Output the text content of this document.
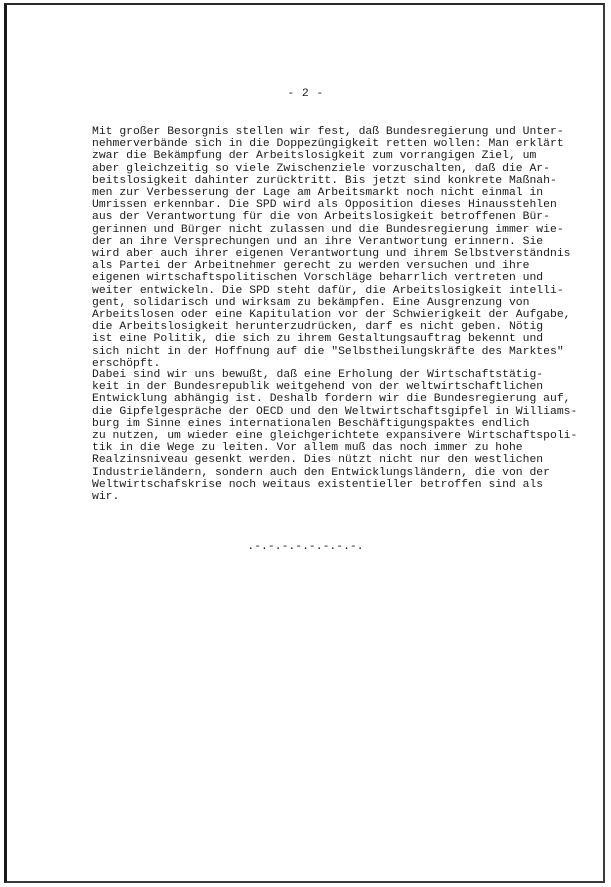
- 2 -
Mit großer Besorgnis stellen wir fest, daß Bundesregierung und Unter-
nehmerverbände sich in die Doppezüngigkeit retten wollen: Man erklärt
zwar die Bekämpfung der Arbeitslosigkeit zum vorrangigen Ziel, um
aber gleichzeitig so viele Zwischenziele vorzuschalten, daß die Ar-
beitslosigkeit dahinter zurücktritt. Bis jetzt sind konkrete Maßnah-
men zur Verbesserung der Lage am Arbeitsmarkt noch nicht einmal in
Umrissen erkennbar. Die SPD wird als Opposition dieses Hinausstehlen
aus der Verantwortung für die von Arbeitslosigkeit betroffenen Bür-
gerinnen und Bürger nicht zulassen und die Bundesregierung immer wie-
der an ihre Versprechungen und an ihre Verantwortung erinnern. Sie
wird aber auch ihrer eigenen Verantwortung und ihrem Selbstverständnis
als Partei der Arbeitnehmer gerecht zu werden versuchen und ihre
eigenen wirtschaftspolitischen Vorschläge beharrlich vertreten und
weiter entwickeln. Die SPD steht dafür, die Arbeitslosigkeit intelli-
gent, solidarisch und wirksam zu bekämpfen. Eine Ausgrenzung von
Arbeitslosen oder eine Kapitulation vor der Schwierigkeit der Aufgabe,
die Arbeitslosigkeit herunterzudrücken, darf es nicht geben. Nötig
ist eine Politik, die sich zu ihrem Gestaltungsauftrag bekennt und
sich nicht in der Hoffnung auf die "Selbstheilungskräfte des Marktes"
erschöpft.
Dabei sind wir uns bewußt, daß eine Erholung der Wirtschaftstätig-
keit in der Bundesrepublik weitgehend von der weltwirtschaftlichen
Entwicklung abhängig ist. Deshalb fordern wir die Bundesregierung auf,
die Gipfelgespräche der OECD und den Weltwirtschaftsgipfel in Williams-
burg im Sinne eines internationalen Beschäftigungspaktes endlich
zu nutzen, um wieder eine gleichgerichtete expansivere Wirtschaftspoli-
tik in die Wege zu leiten. Vor allem muß das noch immer zu hohe
Realzinsniveau gesenkt werden. Dies nützt nicht nur den westlichen
Industrieländern, sondern auch den Entwicklungsländern, die von der
Weltwirtschafskrise noch weitaus existentieller betroffen sind als
wir.
.-.-.-.-.-.-.-.-.
